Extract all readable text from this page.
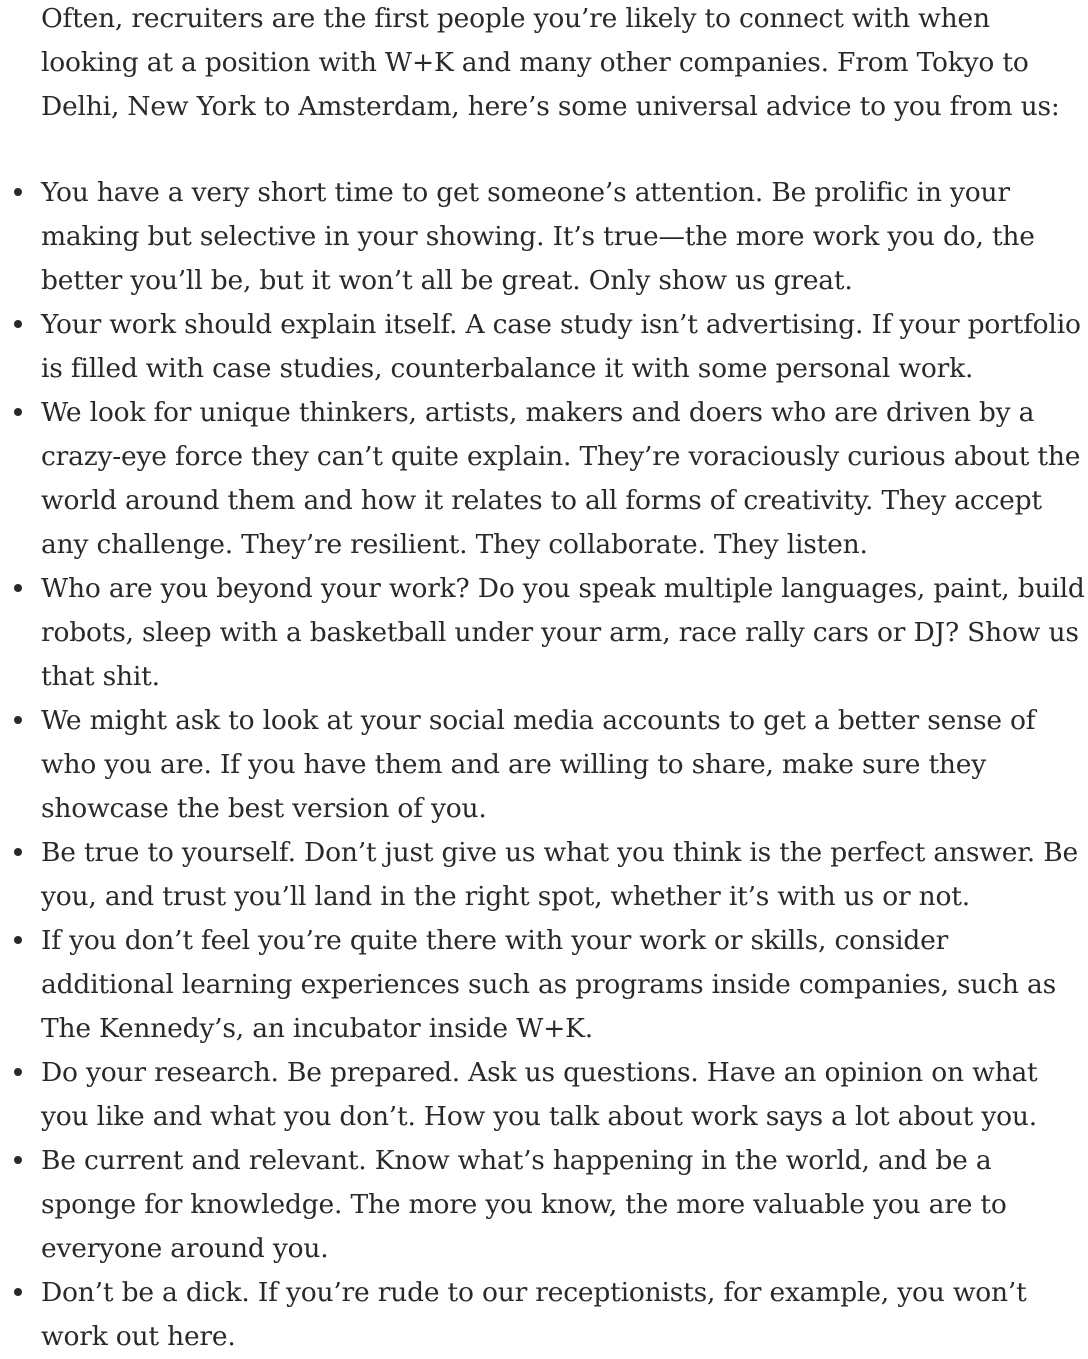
Often, recruiters are the first people you’re likely to connect with when looking at a position with W+K and many other companies. From Tokyo to Delhi, New York to Amsterdam, here’s some universal advice to you from us:

You have a very short time to get someone’s attention. Be prolific in your making but selective in your showing. It’s true—the more work you do, the better you’ll be, but it won’t all be great. Only show us great.
Your work should explain itself. A case study isn’t advertising. If your portfolio is filled with case studies, counterbalance it with some personal work.
We look for unique thinkers, artists, makers and doers who are driven by a crazy-eye force they can’t quite explain. They’re voraciously curious about the world around them and how it relates to all forms of creativity. They accept any challenge. They’re resilient. They collaborate. They listen.
Who are you beyond your work? Do you speak multiple languages, paint, build robots, sleep with a basketball under your arm, race rally cars or DJ? Show us that shit.
We might ask to look at your social media accounts to get a better sense of who you are. If you have them and are willing to share, make sure they showcase the best version of you.
Be true to yourself. Don’t just give us what you think is the perfect answer. Be you, and trust you’ll land in the right spot, whether it’s with us or not.
If you don’t feel you’re quite there with your work or skills, consider additional learning experiences such as programs inside companies, such as The Kennedy’s, an incubator inside W+K.
Do your research. Be prepared. Ask us questions. Have an opinion on what you like and what you don’t. How you talk about work says a lot about you.
Be current and relevant. Know what’s happening in the world, and be a sponge for knowledge. The more you know, the more valuable you are to everyone around you.
Don’t be a dick. If you’re rude to our receptionists, for example, you won’t work out here.
